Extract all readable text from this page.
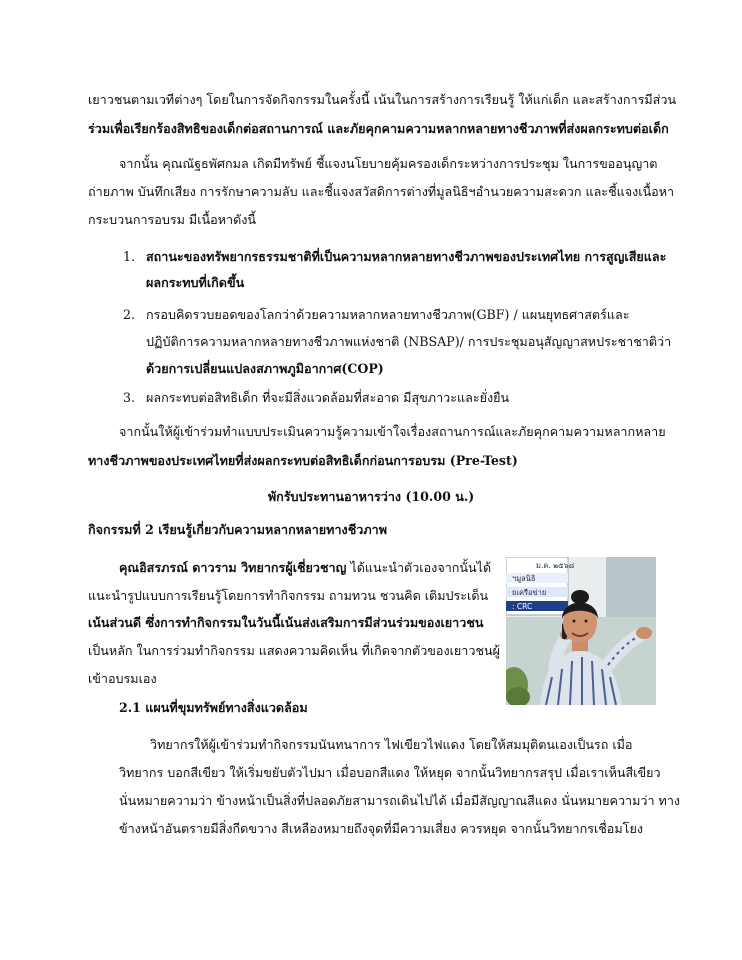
เยาวชนตามเวทีต่างๆ โดยในการจัดกิจกรรมในครั้งนี้ เน้นในการสร้างการเรียนรู้ ให้แก่เด็ก และสร้างการมีส่วน
ร่วมเพื่อเรียกร้องสิทธิของเด็กต่อสถานการณ์ และภัยคุกคามความหลากหลายทางชีวภาพที่ส่งผลกระทบต่อเด็ก
จากนั้น คุณณัฐธพัศกมล เกิดมีทรัพย์ ชี้แจงนโยบายคุ้มครองเด็กระหว่างการประชุม ในการขออนุญาต
ถ่ายภาพ บันทึกเสียง การรักษาความลับ และชี้แจงสวัสดิการต่างที่มูลนิธิฯอำนวยความสะดวก และชี้แจงเนื้อหา
กระบวนการอบรม มีเนื้อหาดังนี้
1. สถานะของทรัพยากรธรรมชาติที่เป็นความหลากหลายทางชีวภาพของประเทศไทย การสูญเสียและ
ผลกระทบที่เกิดขึ้น
2. กรอบคิดรวบยอดของโลกว่าด้วยความหลากหลายทางชีวภาพ(GBF) / แผนยุทธศาสตร์และ
ปฏิบัติการความหลากหลายทางชีวภาพแห่งชาติ (NBSAP)/ การประชุมอนุสัญญาสหประชาชาติว่า
ด้วยการเปลี่ยนแปลงสภาพภูมิอากาศ(COP)
3. ผลกระทบต่อสิทธิเด็ก ที่จะมีสิ่งแวดล้อมที่สะอาด มีสุขภาวะและยั่งยืน
จากนั้นให้ผู้เข้าร่วมทำแบบประเมินความรู้ความเข้าใจเรื่องสถานการณ์และภัยคุกคามความหลากหลาย
ทางชีวภาพของประเทศไทยที่ส่งผลกระทบต่อสิทธิเด็กก่อนการอบรม (Pre-Test)
พักรับประทานอาหารว่าง (10.00 น.)
กิจกรรมที่ 2 เรียนรู้เกี่ยวกับความหลากหลายทางชีวภาพ
คุณอิสรภรณ์ ดาวราม วิทยากรผู้เชี่ยวชาญ ได้แนะนำตัวเองจากนั้นได้
แนะนำรูปแบบการเรียนรู้โดยการทำกิจกรรม ถามทวน ชวนคิด เติมประเด็น
เน้นส่วนดี ซึ่งการทำกิจกรรมในวันนี้เน้นส่งเสริมการมีส่วนร่วมของเยาวชน
เป็นหลัก ในการร่วมทำกิจกรรม แสดงความคิดเห็น ที่เกิดจากตัวของเยาวชนผู้
เข้าอบรมเอง
ม.ค. ๒๕๖๘
ฯมูลนิธิ
ยเครือข่าย
: CRC
2.1 แผนที่ขุมทรัพย์ทางสิ่งแวดล้อม
วิทยากรให้ผู้เข้าร่วมทำกิจกรรมนันทนาการ ไฟเขียวไฟแดง โดยให้สมมุติตนเองเป็นรถ เมื่อ
วิทยากร บอกสีเขียว ให้เริ่มขยับตัวไปมา เมื่อบอกสีแดง ให้หยุด จากนั้นวิทยากรสรุป เมื่อเราเห็นสีเขียว
นั่นหมายความว่า ข้างหน้าเป็นสิ่งที่ปลอดภัยสามารถเดินไปได้ เมื่อมีสัญญาณสีแดง นั่นหมายความว่า ทาง
ข้างหน้าอันตรายมีสิ่งกีดขวาง สีเหลืองหมายถึงจุดที่มีความเสี่ยง ควรหยุด จากนั้นวิทยากรเชื่อมโยง
